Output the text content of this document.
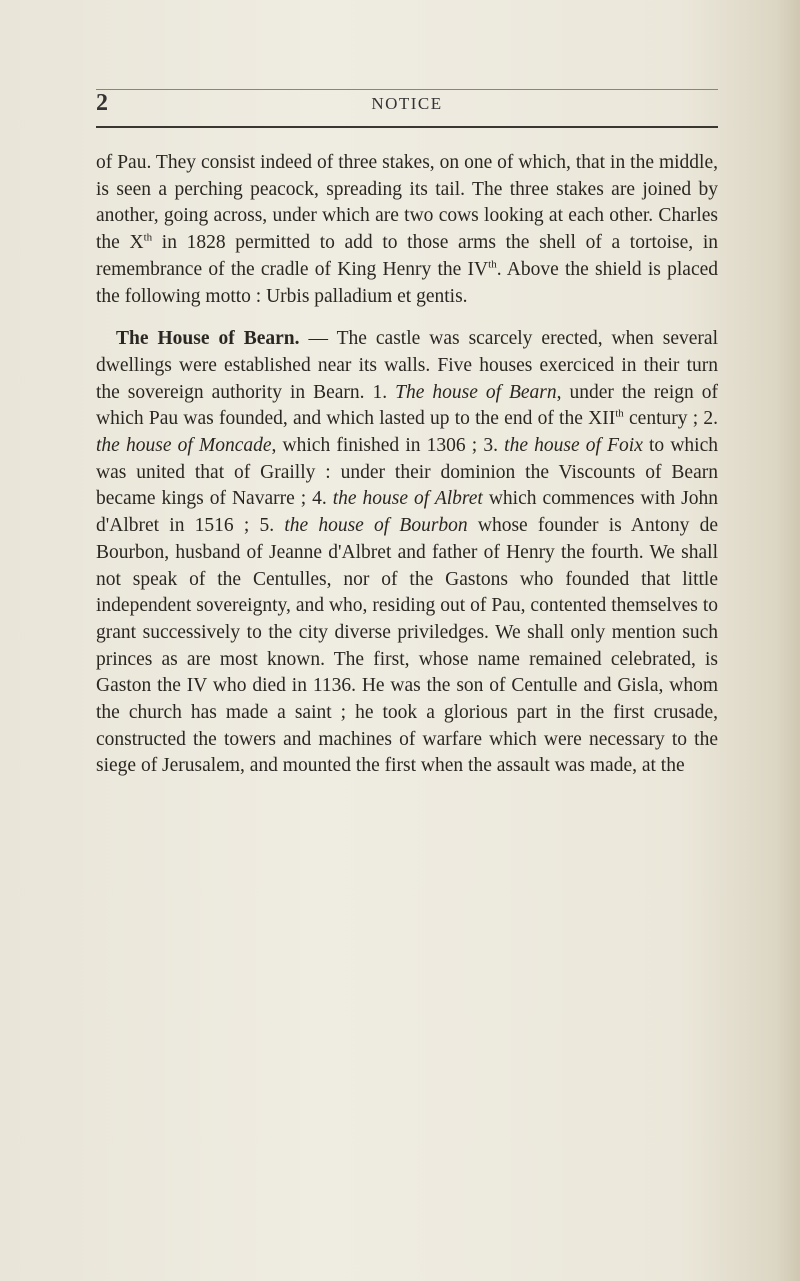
2	NOTICE

of Pau. They consist indeed of three stakes, on one of which, that in the middle, is seen a perching peacock, spreading its tail. The three stakes are joined by another, going across, under which are two cows looking at each other. Charles the Xth in 1828 permitted to add to those arms the shell of a tortoise, in remembrance of the cradle of King Henry the IVth. Above the shield is placed the following motto : Urbis palladium et gentis.

The House of Bearn. — The castle was scarcely erected, when several dwellings were established near its walls. Five houses exerciced in their turn the sovereign authority in Bearn. 1. The house of Bearn, under the reign of which Pau was founded, and which lasted up to the end of the XIIth century ; 2. the house of Moncade, which finished in 1306 ; 3. the house of Foix to which was united that of Grailly : under their dominion the Viscounts of Bearn became kings of Navarre ; 4. the house of Albret which commences with John d'Albret in 1516 ; 5. the house of Bourbon whose founder is Antony de Bourbon, husband of Jeanne d'Albret and father of Henry the fourth. We shall not speak of the Centulles, nor of the Gastons who founded that little independent sovereignty, and who, residing out of Pau, contented themselves to grant successively to the city diverse priviledges. We shall only mention such princes as are most known. The first, whose name remained celebrated, is Gaston the IV who died in 1136. He was the son of Centulle and Gisla, whom the church has made a saint ; he took a glorious part in the first crusade, constructed the towers and machines of warfare which were necessary to the siege of Jerusalem, and mounted the first when the assault was made, at the
